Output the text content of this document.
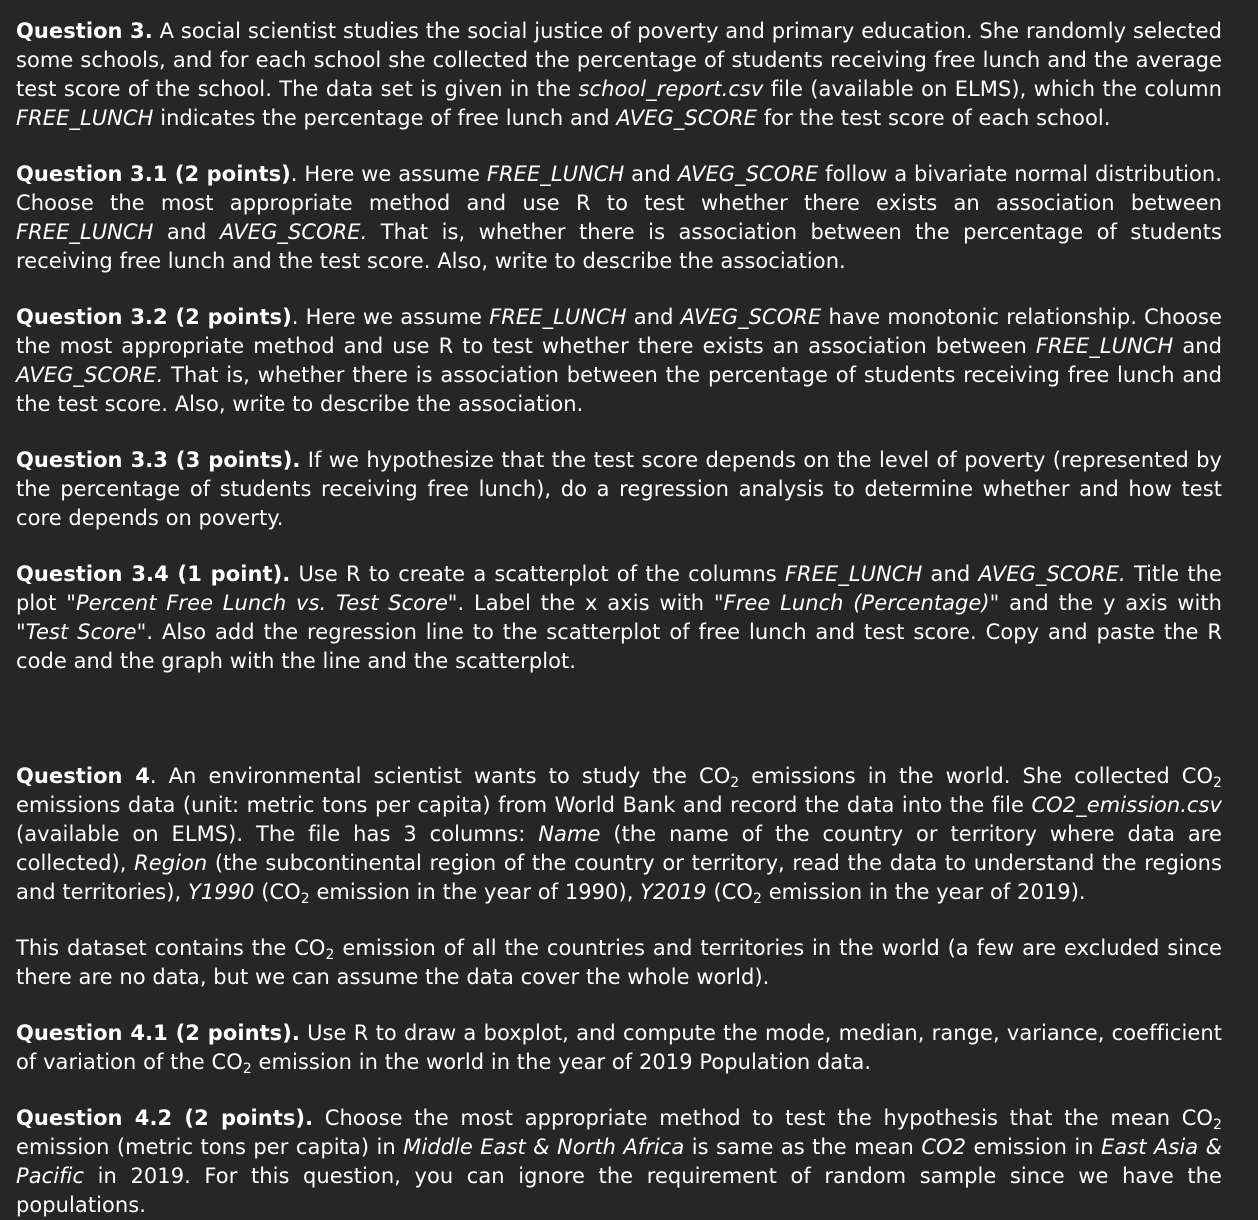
Question 3. A social scientist studies the social justice of poverty and primary education. She randomly selected some schools, and for each school she collected the percentage of students receiving free lunch and the average test score of the school. The data set is given in the school_report.csv file (available on ELMS), which the column FREE_LUNCH indicates the percentage of free lunch and AVEG_SCORE for the test score of each school.

Question 3.1 (2 points). Here we assume FREE_LUNCH and AVEG_SCORE follow a bivariate normal distribution. Choose the most appropriate method and use R to test whether there exists an association between FREE_LUNCH and AVEG_SCORE. That is, whether there is association between the percentage of students receiving free lunch and the test score. Also, write to describe the association.

Question 3.2 (2 points). Here we assume FREE_LUNCH and AVEG_SCORE have monotonic relationship. Choose the most appropriate method and use R to test whether there exists an association between FREE_LUNCH and AVEG_SCORE. That is, whether there is association between the percentage of students receiving free lunch and the test score. Also, write to describe the association.

Question 3.3 (3 points). If we hypothesize that the test score depends on the level of poverty (represented by the percentage of students receiving free lunch), do a regression analysis to determine whether and how test core depends on poverty.

Question 3.4 (1 point). Use R to create a scatterplot of the columns FREE_LUNCH and AVEG_SCORE. Title the plot "Percent Free Lunch vs. Test Score". Label the x axis with "Free Lunch (Percentage)" and the y axis with "Test Score". Also add the regression line to the scatterplot of free lunch and test score. Copy and paste the R code and the graph with the line and the scatterplot.

Question 4. An environmental scientist wants to study the $CO_2$ emissions in the world. She collected $CO_2$ emissions data (unit: metric tons per capita) from World Bank and record the data into the file CO2_emission.csv (available on ELMS). The file has 3 columns: Name (the name of the country or territory where data are collected), Region (the subcontinental region of the country or territory, read the data to understand the regions and territories), Y1990 ($CO_2$ emission in the year of 1990), Y2019 ($CO_2$ emission in the year of 2019).

This dataset contains the $CO_2$ emission of all the countries and territories in the world (a few are excluded since there are no data, but we can assume the data cover the whole world).

Question 4.1 (2 points). Use R to draw a boxplot, and compute the mode, median, range, variance, coefficient of variation of the $CO_2$ emission in the world in the year of 2019 Population data.

Question 4.2 (2 points). Choose the most appropriate method to test the hypothesis that the mean $CO_2$ emission (metric tons per capita) in Middle East & North Africa is same as the mean CO2 emission in East Asia & Pacific in 2019. For this question, you can ignore the requirement of random sample since we have the populations.
